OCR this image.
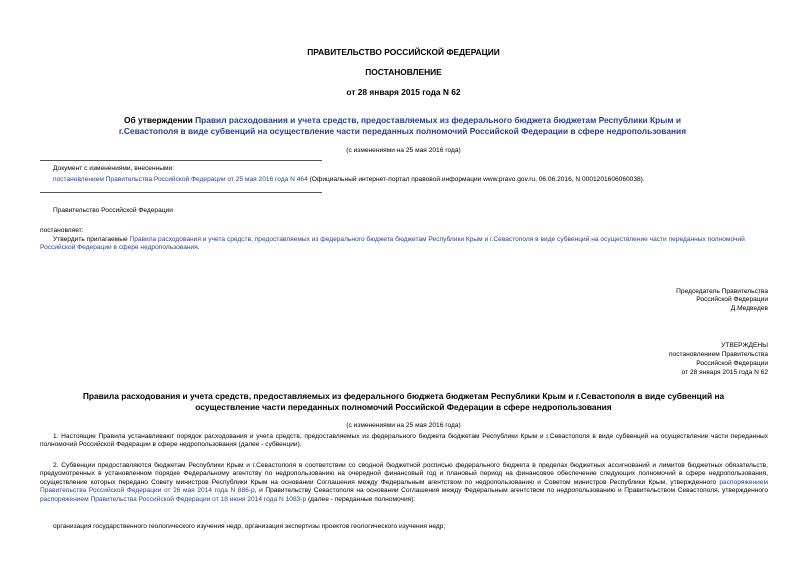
ПРАВИТЕЛЬСТВО РОССИЙСКОЙ ФЕДЕРАЦИИ
ПОСТАНОВЛЕНИЕ
от 28 января 2015 года N 62
Об утверждении Правил расходования и учета средств, предоставляемых из федерального бюджета бюджетам Республики Крым и г.Севастополя в виде субвенций на осуществление части переданных полномочий Российской Федерации в сфере недропользования
(с изменениями на 25 мая 2016 года)
Документ с изменениями, внесенными:
постановлением Правительства Российской Федерации от 25 мая 2016 года N 464 (Официальный интернет-портал правовой информации www.pravo.gov.ru, 06.06.2016, N 0001201606060038).
Правительство Российской Федерации
постановляет:
Утвердить прилагаемые Правила расходования и учета средств, предоставляемых из федерального бюджета бюджетам Республики Крым и г.Севастополя в виде субвенций на осуществление части переданных полномочий Российской Федерации в сфере недропользования.
Председатель Правительства
Российской Федерации
Д.Медведев
УТВЕРЖДЕНЫ
постановлением Правительства
Российской Федерации
от 28 января 2015 года N 62
Правила расходования и учета средств, предоставляемых из федерального бюджета бюджетам Республики Крым и г.Севастополя в виде субвенций на осуществление части переданных полномочий Российской Федерации в сфере недропользования
(с изменениями на 25 мая 2016 года)
1. Настоящие Правила устанавливают порядок расходования и учета средств, предоставляемых из федерального бюджета бюджетам Республики Крым и г.Севастополя в виде субвенций на осуществление части переданных полномочий Российской Федерации в сфере недропользования (далее - субвенции).
2. Субвенции предоставляются бюджетам Республики Крым и г.Севастополя в соответствии со сводной бюджетной росписью федерального бюджета в пределах бюджетных ассигнований и лимитов бюджетных обязательств, предусмотренных в установленном порядке Федеральному агентству по недропользованию на очередной финансовый год и плановый период на финансовое обеспечение следующих полномочий в сфере недропользования, осуществление которых передано Совету министров Республики Крым на основании Соглашения между Федеральным агентством по недропользованию и Советом министров Республики Крым, утвержденного распоряжением Правительства Российской Федерации от 26 мая 2014 года N 886-р, и Правительству Севастополя на основании Соглашения между Федеральным агентством по недропользованию и Правительством Севастополя, утвержденного распоряжением Правительства Российской Федерации от 18 июня 2014 года N 1083-р (далее - переданные полномочия):
организация государственного геологического изучения недр, организация экспертизы проектов геологического изучения недр;
